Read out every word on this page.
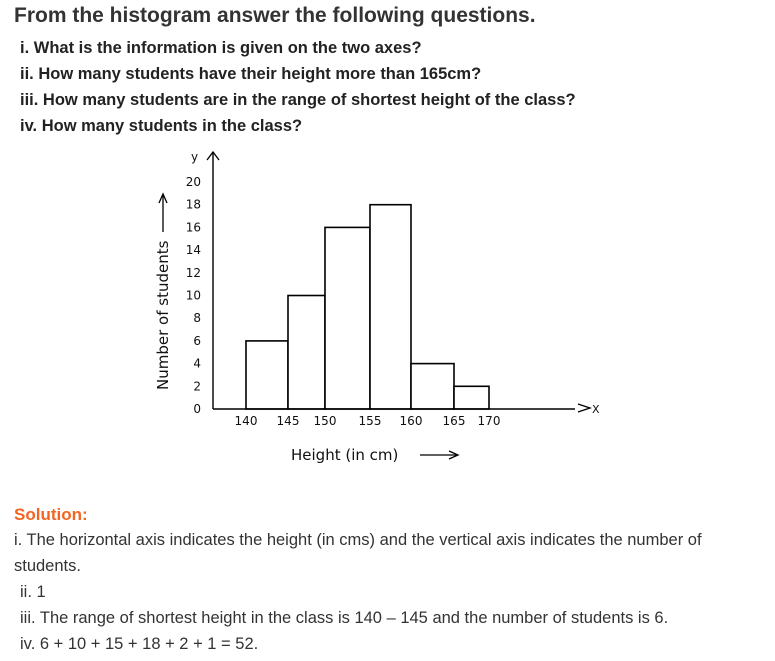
From the histogram answer the following questions.
i. What is the information is given on the two axes?
ii. How many students have their height more than 165cm?
iii. How many students are in the range of shortest height of the class?
iv. How many students in the class?
X
y
0
2
4
6
8
10
12
14
16
18
20
140 145 150 155 160 165 170
Height (in cm)
Number of students
Solution:
i. The horizontal axis indicates the height (in cms) and the vertical axis indicates the number of students.
ii. 1
iii. The range of shortest height in the class is 140 – 145 and the number of students is 6.
iv. 6 + 10 + 15 + 18 + 2 + 1 = 52.
